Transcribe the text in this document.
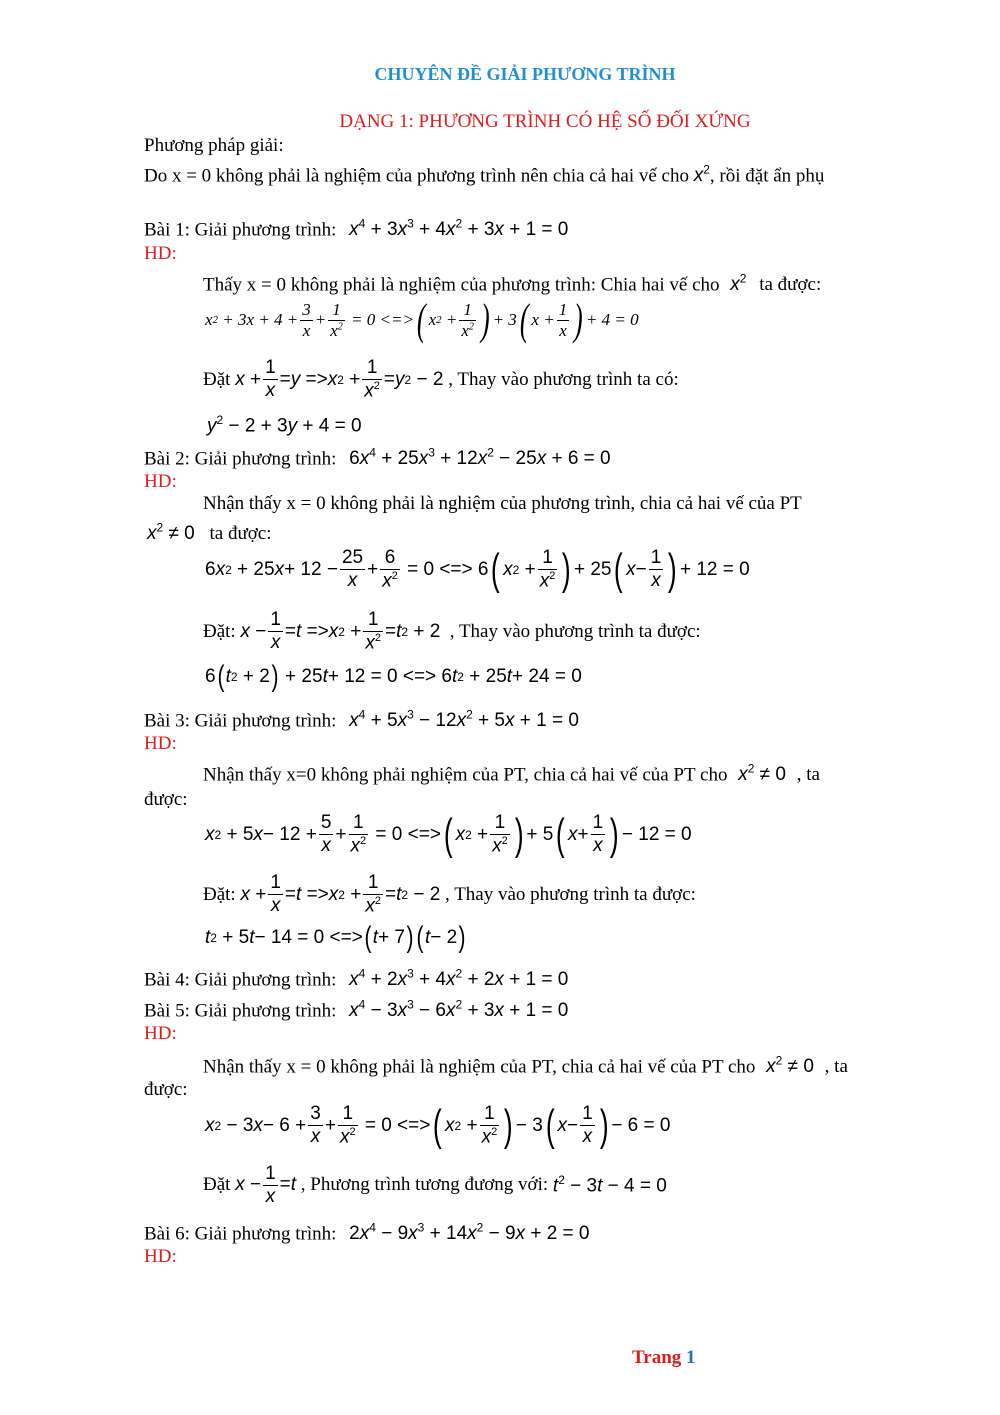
CHUYÊN ĐỀ GIẢI PHƯƠNG TRÌNH
DẠNG 1: PHƯƠNG TRÌNH CÓ HỆ SỐ ĐỐI XỨNG
Phương pháp giải:
Do x = 0 không phải là nghiệm của phương trình nên chia cả hai vế cho $x^2$, rồi đặt ẩn phụ
Bài 1: Giải phương trình: $x^4 + 3x^3 + 4x^2 + 3x + 1 = 0$
HD:
Thấy x = 0 không phải là nghiệm của phương trình: Chia hai vế cho $x^2$ ta được:
x $2 + 3x + 4 + \frac{3}{x} + \frac{1}{x^2} = 0$ <=> ( x $2 + \frac{1}{x^2}$ ) + 3 ( $x + \frac{1}{x}$ ) + 4 = 0
Đặt
$x + \frac{1}{x} = y => x$ $2 + \frac{1}{x^2} = y$ 2 − 2
, Thay vào phương trình ta có:
$y^2 - 2 + 3y + 4 = 0$
Bài 2: Giải phương trình: $6x^4 + 25x^3 + 12x^2 - 25x + 6 = 0$
HD:
Nhận thấy x = 0 không phải là nghiệm của phương trình, chia cả hai vế của PT
$x^2 \ne 0$ ta được:
6 x 2 + 25 $x + 12 - \frac{25}{x} + \frac{6}{x^2} = 0$ <=> 6 ( x $2 + \frac{1}{x^2}$ ) + 25 ( $x - \frac{1}{x}$ ) + 12 = 0
Đặt:
$x - \frac{1}{x} = t => x$ $2 + \frac{1}{x^2} = t$ 2 + 2
, Thay vào phương trình ta được:
6 ( t 2 + 2 ) + 25 t + 12 = 0 <=> 6 t 2 + 25 t + 24 = 0
Bài 3: Giải phương trình: $x^4 + 5x^3 - 12x^2 + 5x + 1 = 0$
HD:
Nhận thấy x=0 không phải nghiệm của PT, chia cả hai vế của PT cho $x^2 \ne 0$ , ta
được:
x 2 + 5 $x - 12 + \frac{5}{x} + \frac{1}{x^2} = 0$ <=> ( x $2 + \frac{1}{x^2}$ ) + 5 ( $x + \frac{1}{x}$ ) − 12 = 0
Đặt:
$x + \frac{1}{x} = t => x$ $2 + \frac{1}{x^2} = t$ 2 − 2
, Thay vào phương trình ta được:
t 2 + 5 t − 14 = 0 <=> ( t + 7 ) ( t − 2 )
Bài 4: Giải phương trình: $x^4 + 2x^3 + 4x^2 + 2x + 1 = 0$
Bài 5: Giải phương trình: $x^4 - 3x^3 - 6x^2 + 3x + 1 = 0$
HD:
Nhận thấy x = 0 không phải là nghiệm của PT, chia cả hai vế của PT cho $x^2 \ne 0$ , ta
được:
x 2 − 3 $x - 6 + \frac{3}{x} + \frac{1}{x^2} = 0$ <=> ( x $2 + \frac{1}{x^2}$ ) − 3 ( $x - \frac{1}{x}$ ) − 6 = 0
Đặt
$x - \frac{1}{x} = t$
, Phương trình tương đương với:
$t^2 - 3t - 4 = 0$
Bài 6: Giải phương trình: $2x^4 - 9x^3 + 14x^2 - 9x + 2 = 0$
HD:
Trang 1
